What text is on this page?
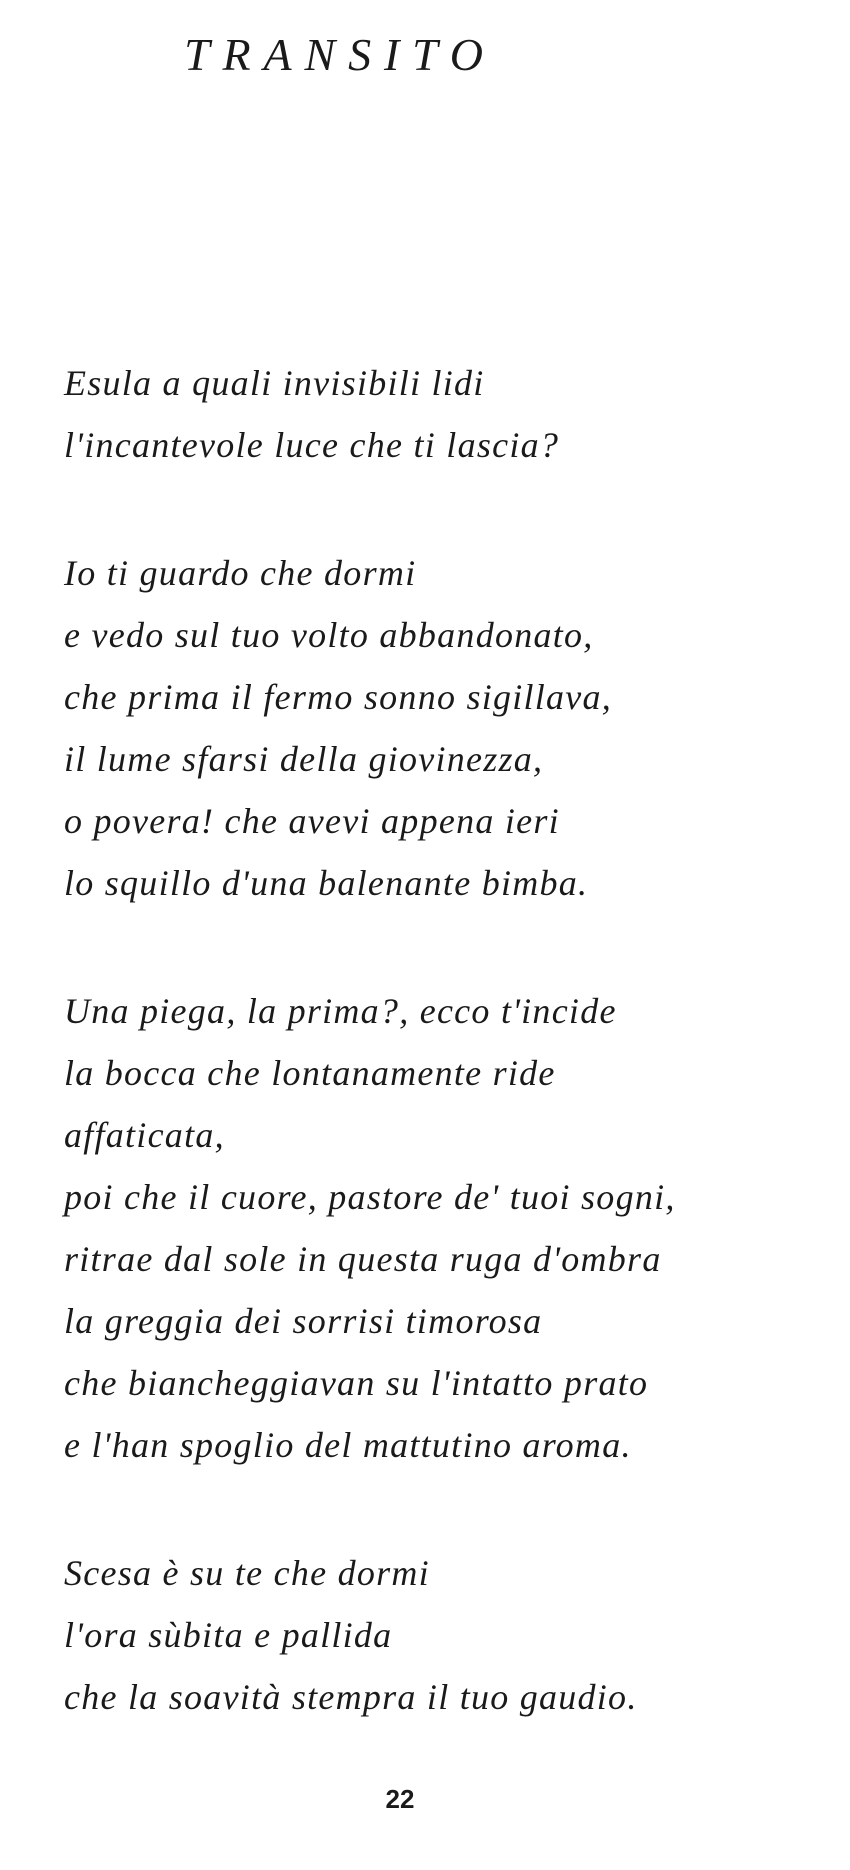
TRANSITO
Esula a quali invisibili lidi
l'incantevole luce che ti lascia?
Io ti guardo che dormi
e vedo sul tuo volto abbandonato,
che prima il fermo sonno sigillava,
il lume sfarsi della giovinezza,
o povera! che avevi appena ieri
lo squillo d'una balenante bimba.
Una piega, la prima?, ecco t'incide
la bocca che lontanamente ride
affaticata,
poi che il cuore, pastore de' tuoi sogni,
ritrae dal sole in questa ruga d'ombra
la greggia dei sorrisi timorosa
che biancheggiavan su l'intatto prato
e l'han spoglio del mattutino aroma.
Scesa è su te che dormi
l'ora sùbita e pallida
che la soavità stempra il tuo gaudio.
22
